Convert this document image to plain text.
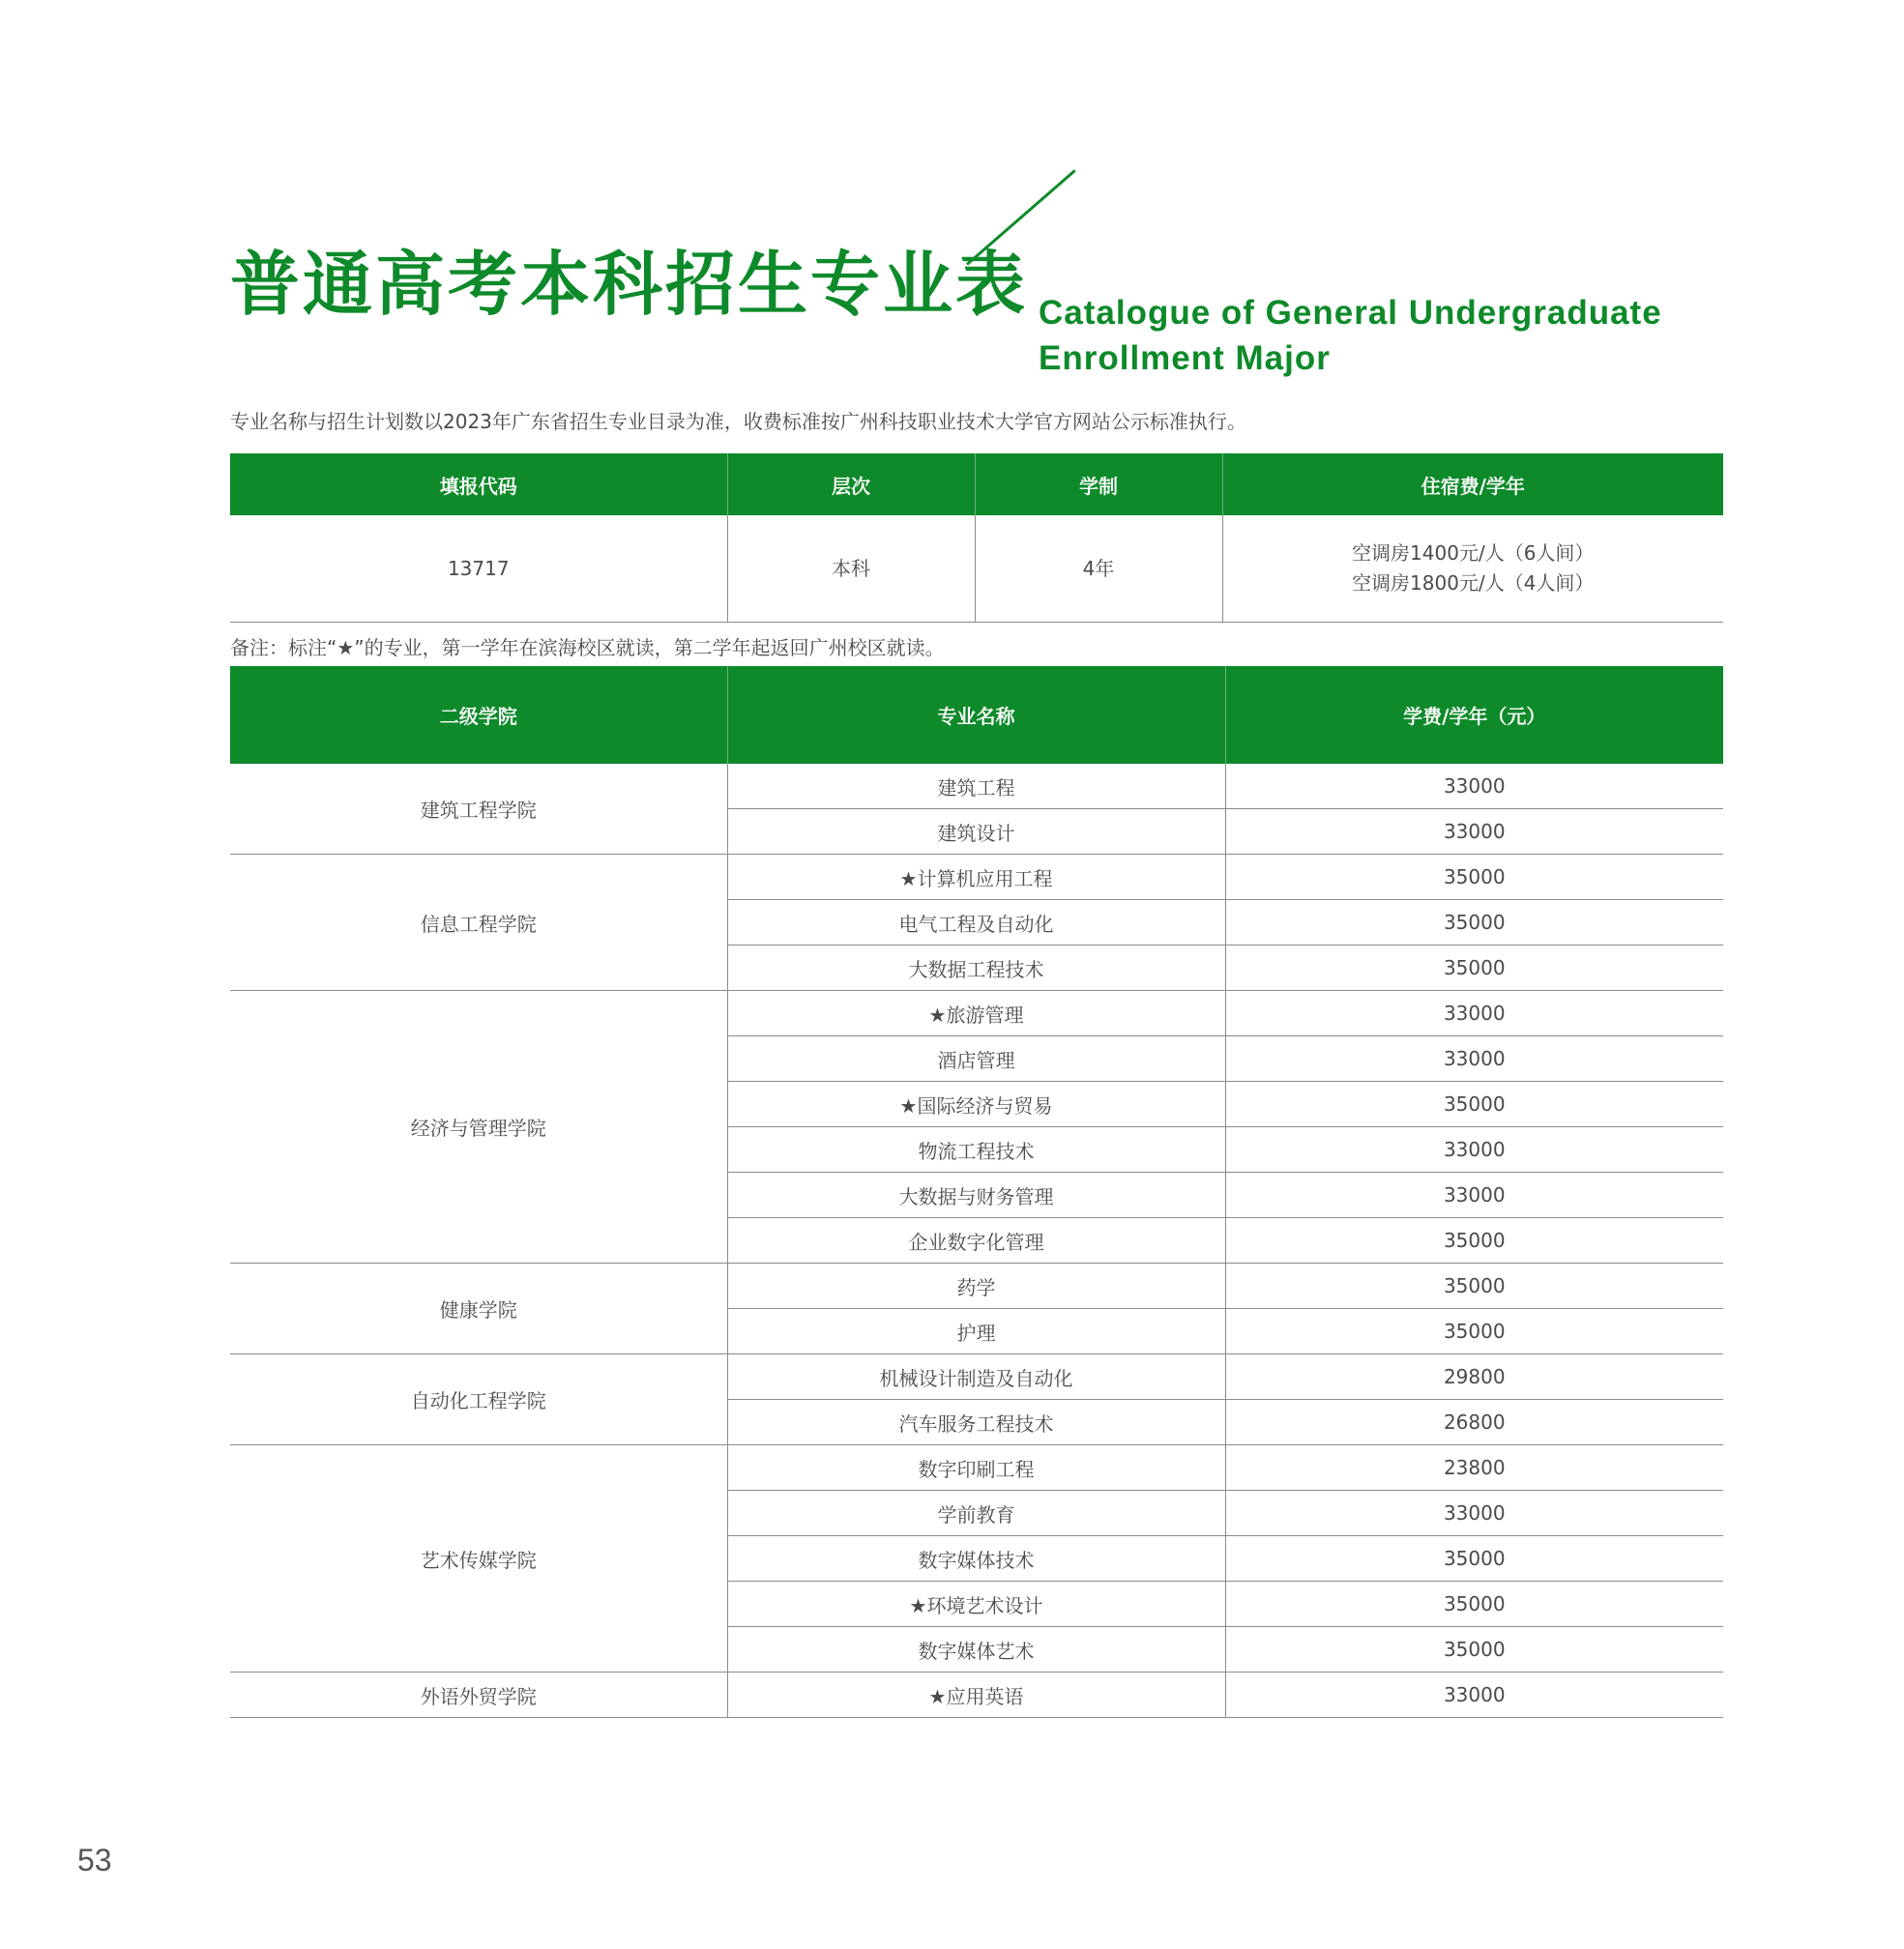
普通高考本科招生专业表 Catalogue of General Undergraduate
Enrollment Major
专业名称与招生计划数以2023年广东省招生专业目录为准，收费标准按广州科技职业技术大学官方网站公示标准执行。
填报代码	层次	学制	住宿费/学年
13717	本科	4年	空调房1400元/人（6人间）
空调房1800元/人（4人间）
备注：标注“★”的专业，第一学年在滨海校区就读，第二学年起返回广州校区就读。
二级学院	专业名称	学费/学年（元）
建筑工程学院	建筑工程	33000
	建筑设计	33000
信息工程学院	★计算机应用工程	35000
	电气工程及自动化	35000
	大数据工程技术	35000
经济与管理学院	★旅游管理	33000
	酒店管理	33000
	★国际经济与贸易	35000
	物流工程技术	33000
	大数据与财务管理	33000
	企业数字化管理	35000
健康学院	药学	35000
	护理	35000
自动化工程学院	机械设计制造及自动化	29800
	汽车服务工程技术	26800
艺术传媒学院	数字印刷工程	23800
	学前教育	33000
	数字媒体技术	35000
	★环境艺术设计	35000
	数字媒体艺术	35000
外语外贸学院	★应用英语	33000
53
